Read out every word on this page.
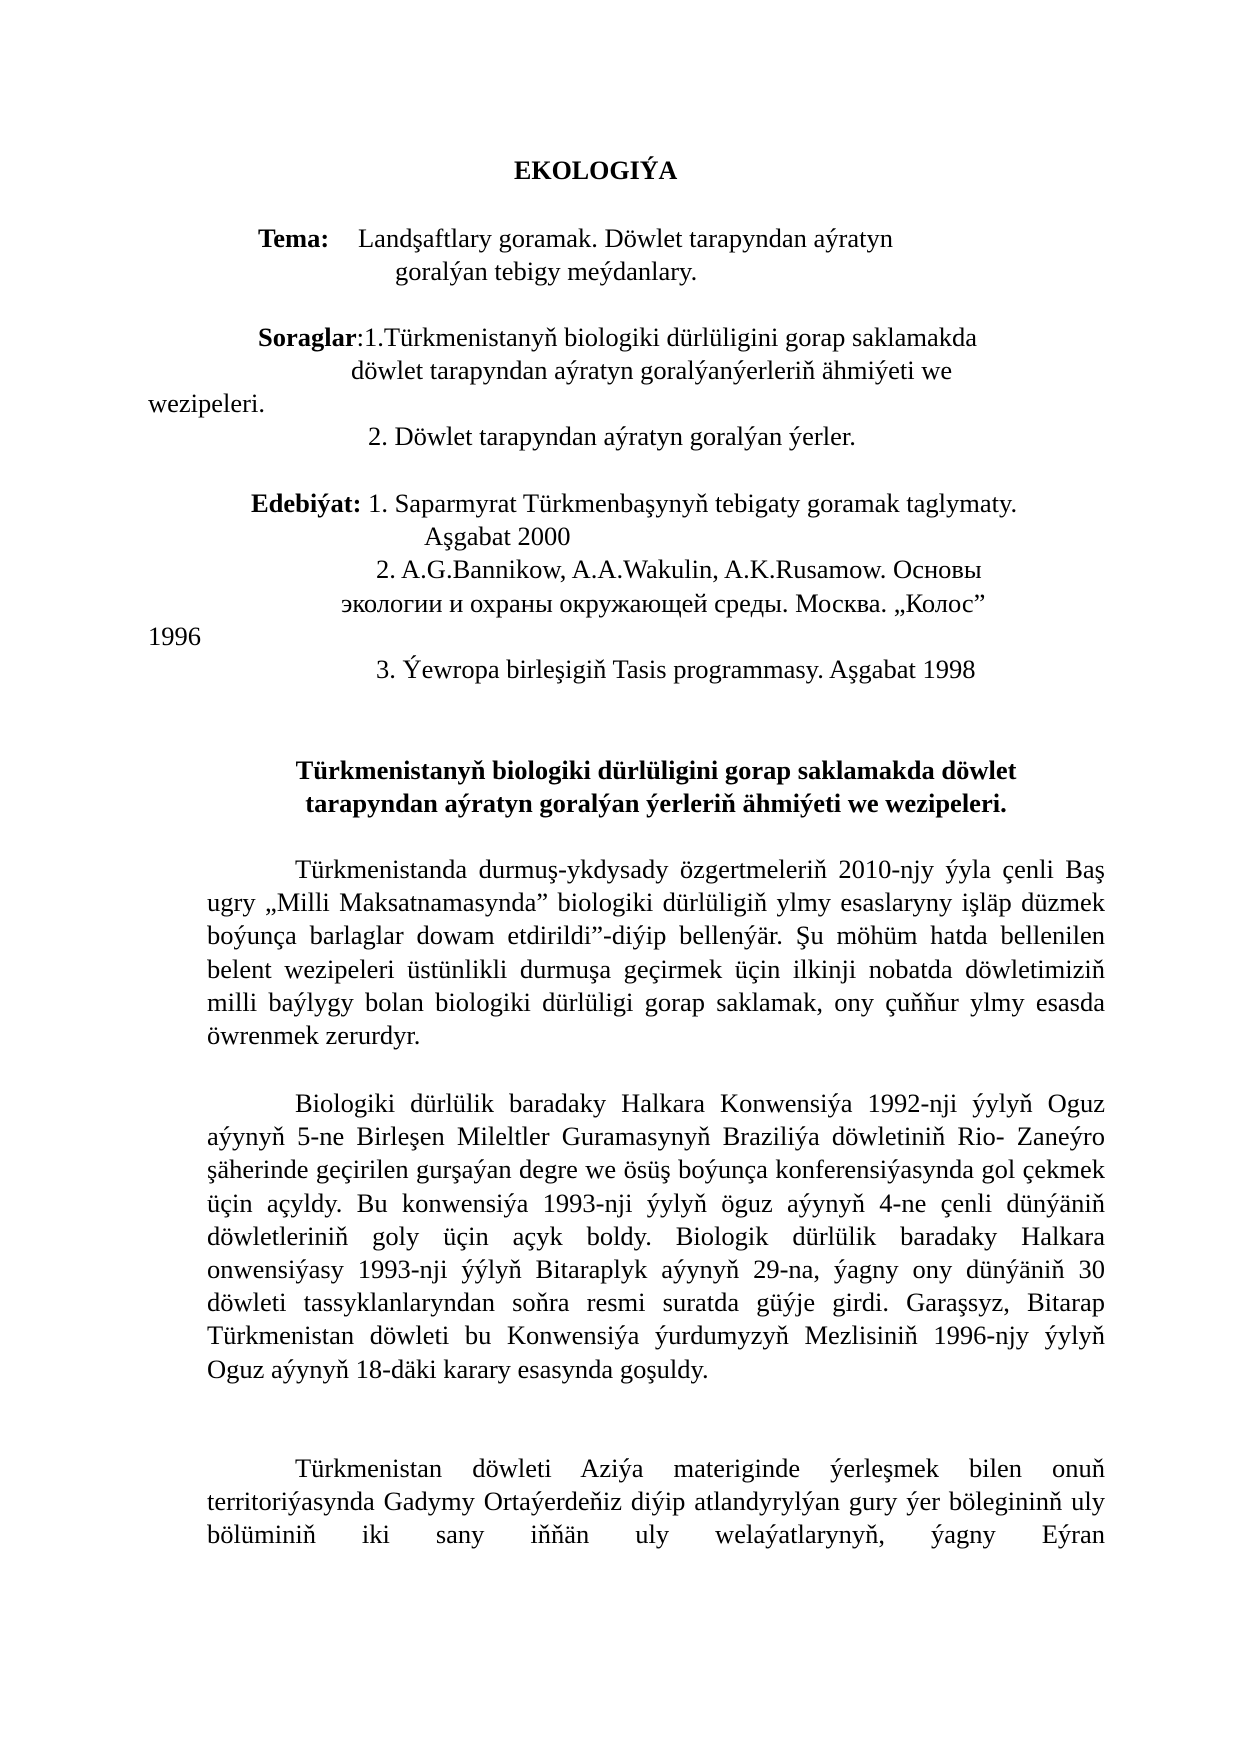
EKOLOGIÝA
Tema: Landşaftlary goramak. Döwlet tarapyndan aýratyn
goralýan tebigy meýdanlary.
Soraglar:1.Türkmenistanyň biologiki dürlüligini gorap saklamakda
döwlet tarapyndan aýratyn goralýanýerleriň ähmiýeti we
wezipeleri.
2. Döwlet tarapyndan aýratyn goralýan ýerler.
Edebiýat: 1. Saparmyrat Türkmenbaşynyň tebigaty goramak taglymaty.
Aşgabat 2000
2. A.G.Bannikow, A.A.Wakulin, A.K.Rusamow. Основы
экологии и охраны окружающей среды. Москва. „Колос”
1996
3. Ýewropa birleşigiň Tasis programmasy. Aşgabat 1998
Türkmenistanyň biologiki dürlüligini gorap saklamakda döwlet
tarapyndan aýratyn goralýan ýerleriň ähmiýeti we wezipeleri.

Türkmenistanda durmuş-ykdysady özgertmeleriň 2010-njy ýyla çenli Baş ugry „Milli Maksatnamasynda” biologiki dürlüligiň ylmy esaslaryny işläp düzmek boýunça barlaglar dowam etdirildi”-diýip bellenýär. Şu möhüm hatda bellenilen belent wezipeleri üstünlikli durmuşa geçirmek üçin ilkinji nobatda döwletimiziň milli baýlygy bolan biologiki dürlüligi gorap saklamak, ony çuňňur ylmy esasda öwrenmek zerurdyr.

Biologiki dürlülik baradaky Halkara Konwensiýa 1992-nji ýylyň Oguz aýynyň 5-ne Birleşen Mileltler Guramasynyň Braziliýa döwletiniň Rio- Zaneýro şäherinde geçirilen gurşaýan degre we ösüş boýunça konferensiýasynda gol çekmek üçin açyldy. Bu konwensiýa 1993-nji ýylyň öguz aýynyň 4-ne çenli dünýäniň döwletleriniň goly üçin açyk boldy. Biologik dürlülik baradaky Halkara onwensiýasy 1993-nji ýýlyň Bitaraplyk aýynyň 29-na, ýagny ony dünýäniň 30 döwleti tassyklanlaryndan soňra resmi suratda güýje girdi. Garaşsyz, Bitarap Türkmenistan döwleti bu Konwensiýa ýurdumyzyň Mezlisiniň 1996-njy ýylyň Oguz aýynyň 18-däki karary esasynda goşuldy.

Türkmenistan döwleti Aziýa materiginde ýerleşmek bilen onuň territoriýasynda Gadymy Ortaýerdeňiz diýip atlandyrylýan gury ýer bölegininň uly bölüminiň iki sany iňňän uly welaýatlarynyň, ýagny Eýran
